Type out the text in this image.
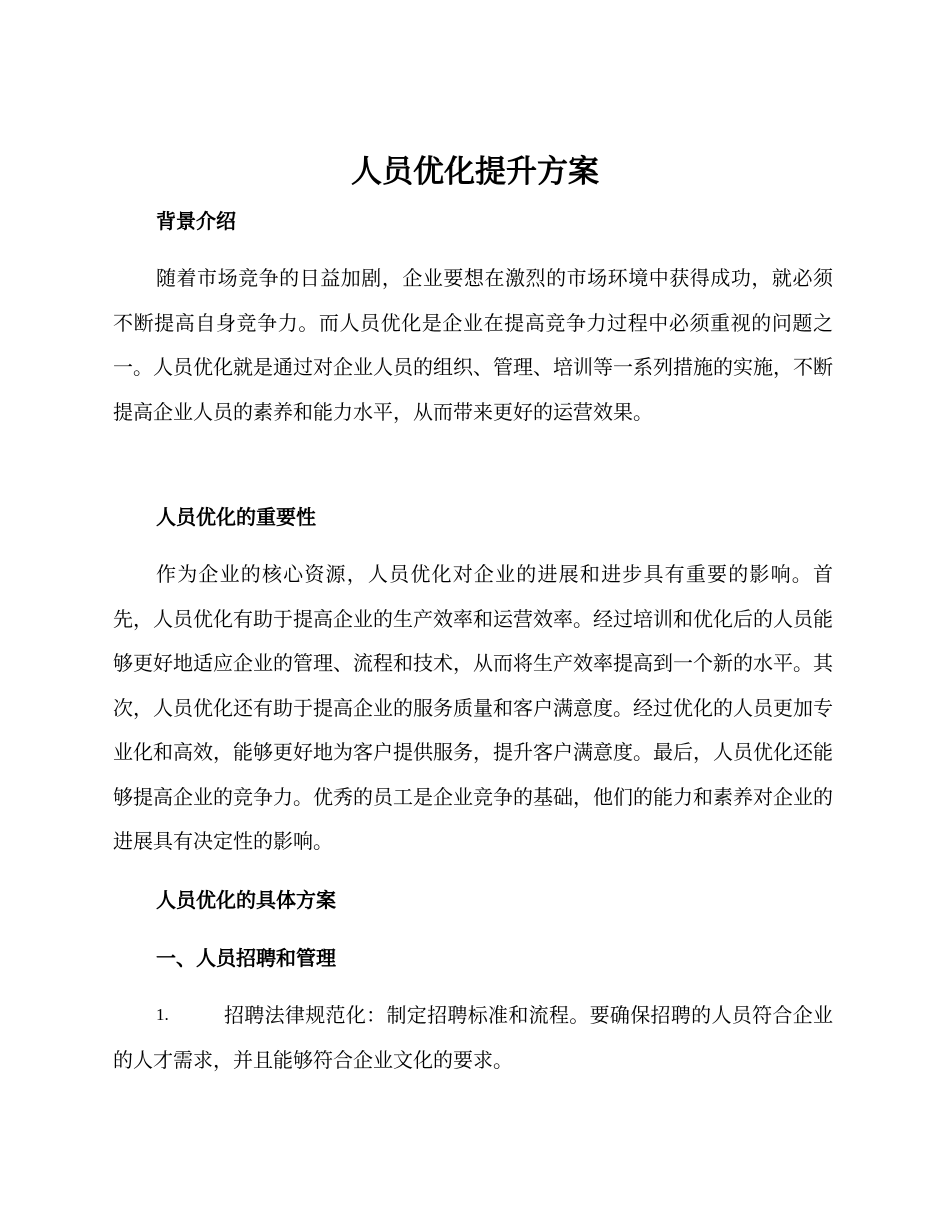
人员优化提升方案
背景介绍

随着市场竞争的日益加剧，企业要想在激烈的市场环境中获得成功，就必须不断提高自身竞争力。而人员优化是企业在提高竞争力过程中必须重视的问题之一。人员优化就是通过对企业人员的组织、管理、培训等一系列措施的实施，不断提高企业人员的素养和能力水平，从而带来更好的运营效果。

人员优化的重要性

作为企业的核心资源，人员优化对企业的进展和进步具有重要的影响。首先，人员优化有助于提高企业的生产效率和运营效率。经过培训和优化后的人员能够更好地适应企业的管理、流程和技术，从而将生产效率提高到一个新的水平。其次，人员优化还有助于提高企业的服务质量和客户满意度。经过优化的人员更加专业化和高效，能够更好地为客户提供服务，提升客户满意度。最后，人员优化还能够提高企业的竞争力。优秀的员工是企业竞争的基础，他们的能力和素养对企业的进展具有决定性的影响。

人员优化的具体方案
一、人员招聘和管理
1.	招聘法律规范化：制定招聘标准和流程。要确保招聘的人员符合企业的人才需求，并且能够符合企业文化的要求。
